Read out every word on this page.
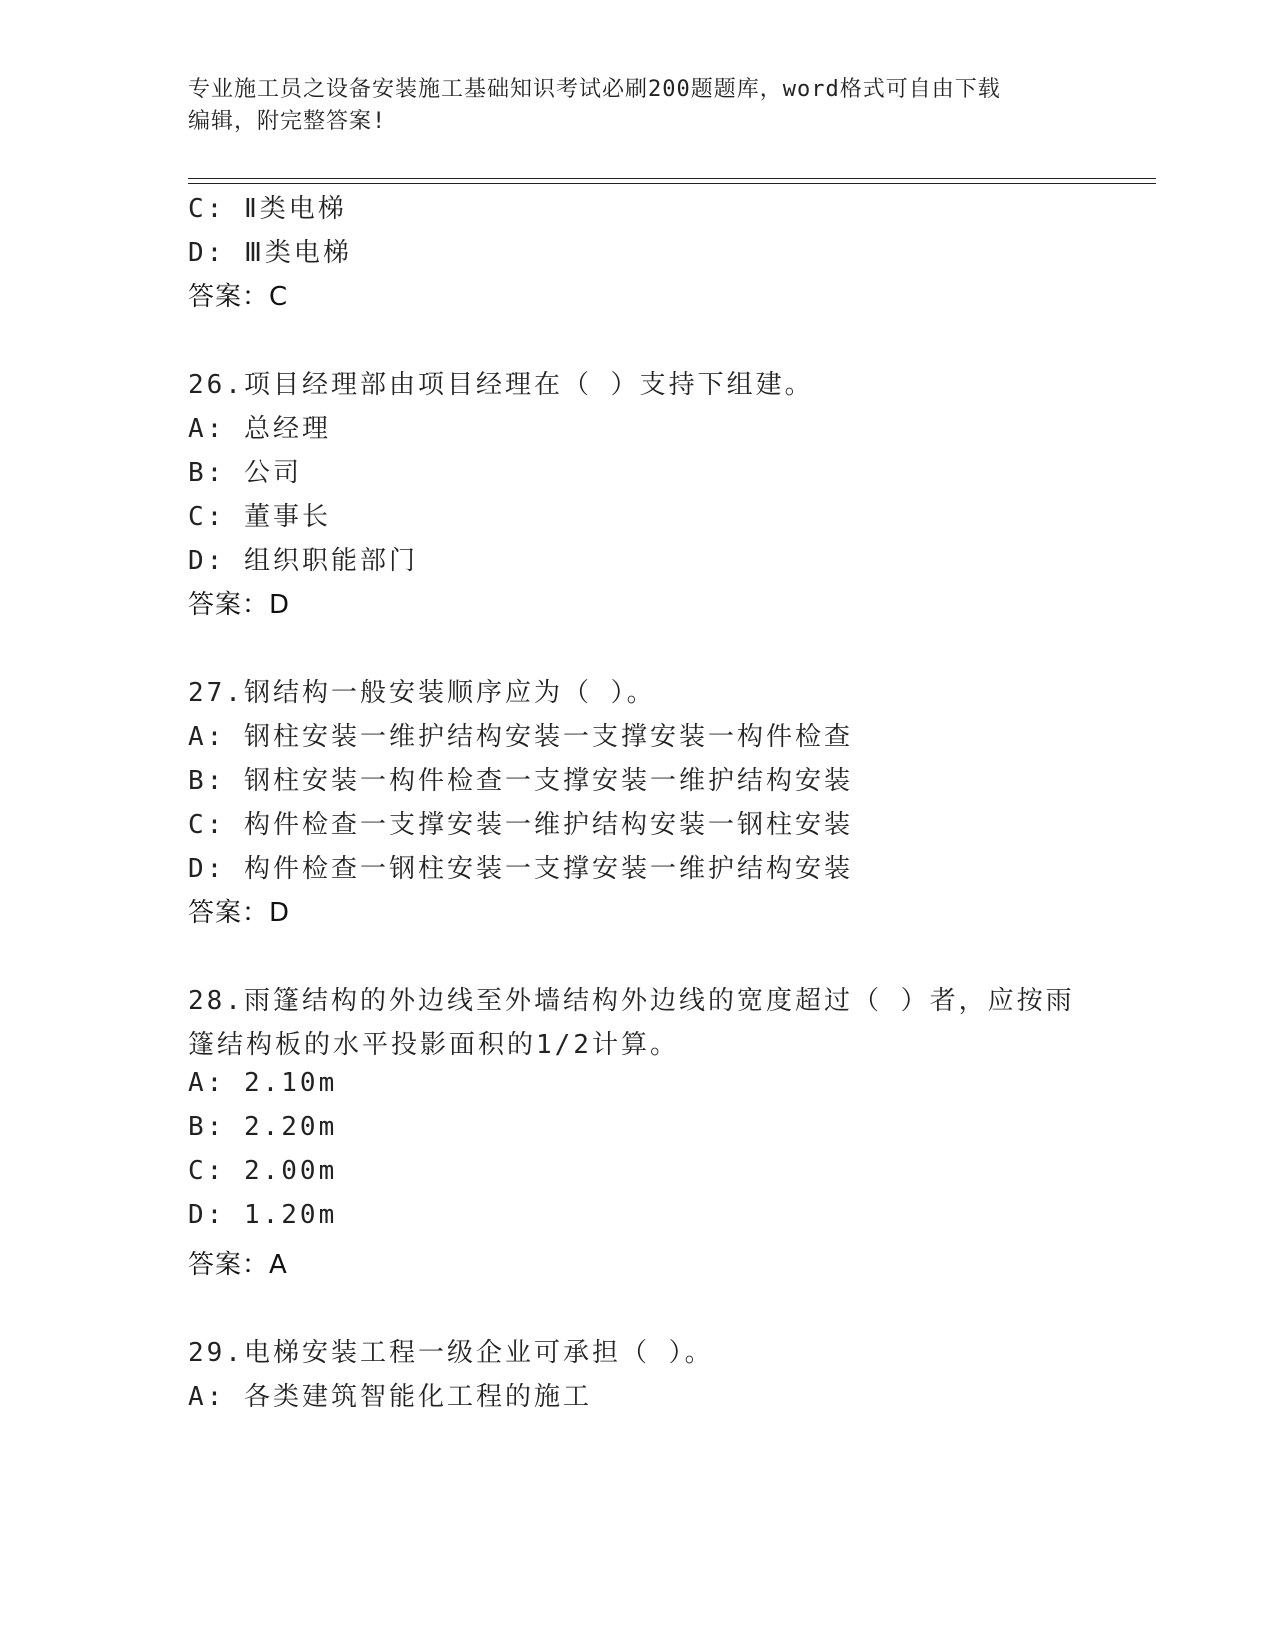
专业施工员之设备安装施工基础知识考试必刷200题题库，word格式可自由下载
编辑，附完整答案!
C: Ⅱ类电梯
D: Ⅲ类电梯
答案：C
26.项目经理部由项目经理在（ ）支持下组建。
A: 总经理
B: 公司
C: 董事长
D: 组织职能部门
答案：D
27.钢结构一般安装顺序应为（ ）。
A: 钢柱安装一维护结构安装一支撑安装一构件检查
B: 钢柱安装一构件检查一支撑安装一维护结构安装
C: 构件检查一支撑安装一维护结构安装一钢柱安装
D: 构件检查一钢柱安装一支撑安装一维护结构安装
答案：D
28.雨篷结构的外边线至外墙结构外边线的宽度超过（ ）者，应按雨
篷结构板的水平投影面积的1/2计算。
A: 2.10m
B: 2.20m
C: 2.00m
D: 1.20m
答案：A
29.电梯安装工程一级企业可承担（ ）。
A: 各类建筑智能化工程的施工
